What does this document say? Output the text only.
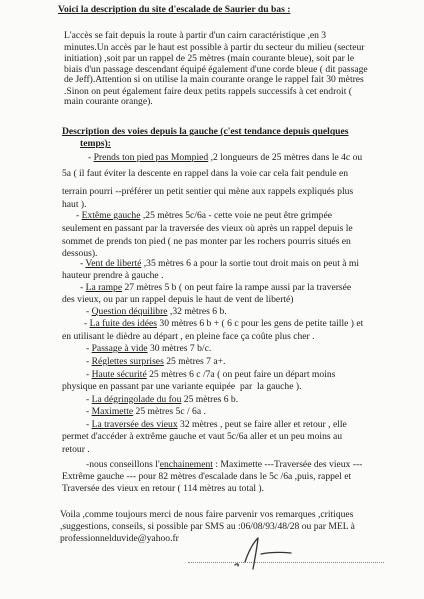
Voici la description du site d'escalade de Saurier du bas :
L'accès se fait depuis la route à partir d'un cairn caractéristique ,en 3
minutes.Un accès par le haut est possible à partir du secteur du milieu (secteur
initiation) ,soit par un rappel de 25 mètres (main courante bleue), soit par le
biais d'un passage descendant équipé également d'une corde bleue ( dit passage
de Jeff).Attention si on utilise la main courante orange le rappel fait 30 mètres
.Sinon on peut également faire deux petits rappels successifs à cet endroit (
main courante orange).
Description des voies depuis la gauche (c'est tendance depuis quelques
temps):
- Prends ton pied pas Mompied ,2 longueurs de 25 mètres dans le 4c ou
5a ( il faut éviter la descente en rappel dans la voie car cela fait pendule en
terrain pourri --préférer un petit sentier qui mène aux rappels expliqués plus
haut ).
- Extême gauche ,25 mètres 5c/6a - cette voie ne peut être grimpée
seulement en passant par la traversée des vieux où après un rappel depuis le
sommet de prends ton pied ( ne pas monter par les rochers pourris situés en
dessous).
- Vent de liberté ,35 mètres 6 a pour la sortie tout droit mais on peut à mi
hauteur prendre à gauche .
- La rampe 27 mètres 5 b ( on peut faire la rampe aussi par la traversée
des vieux, ou par un rappel depuis le haut de vent de liberté)
- Question déquilibre ,32 mètres 6 b.
- La fuite des idées 30 mètres 6 b + ( 6 c pour les gens de petite taille ) et
en utilisant le dièdre au départ , en pleine face ça coûte plus cher .
- Passage à vide 30 mètres 7 b/c.
- Réglettes surprises 25 mètres 7 a+.
- Haute sécurité 25 mètres 6 c /7a ( on peut faire un départ moins
physique en passant par une variante equipée  par  la gauche ).
- La dégringolade du fou 25 mètres 6 b.
- Maximette 25 mètres 5c / 6a .
- La traversée des vieux 32 mètres , peut se faire aller et retour , elle
permet d'accéder à extrême gauche et vaut 5c/6a aller et un peu moins au
retour .
-nous conseillons l'enchainement : Maximette ---Traversée des vieux ---
Extrême gauche --- pour 82 mètres d'escalade dans le 5c /6a ,puis, rappel et
Traversée des vieux en retour ( 114 mètres au total ).
Voila ,comme toujours merci de nous faire parvenir vos remarques ,critiques
,suggestions, conseils, si possible par SMS au :06/08/93/48/28 ou par MEL à
professionnelduvide@yahoo.fr
